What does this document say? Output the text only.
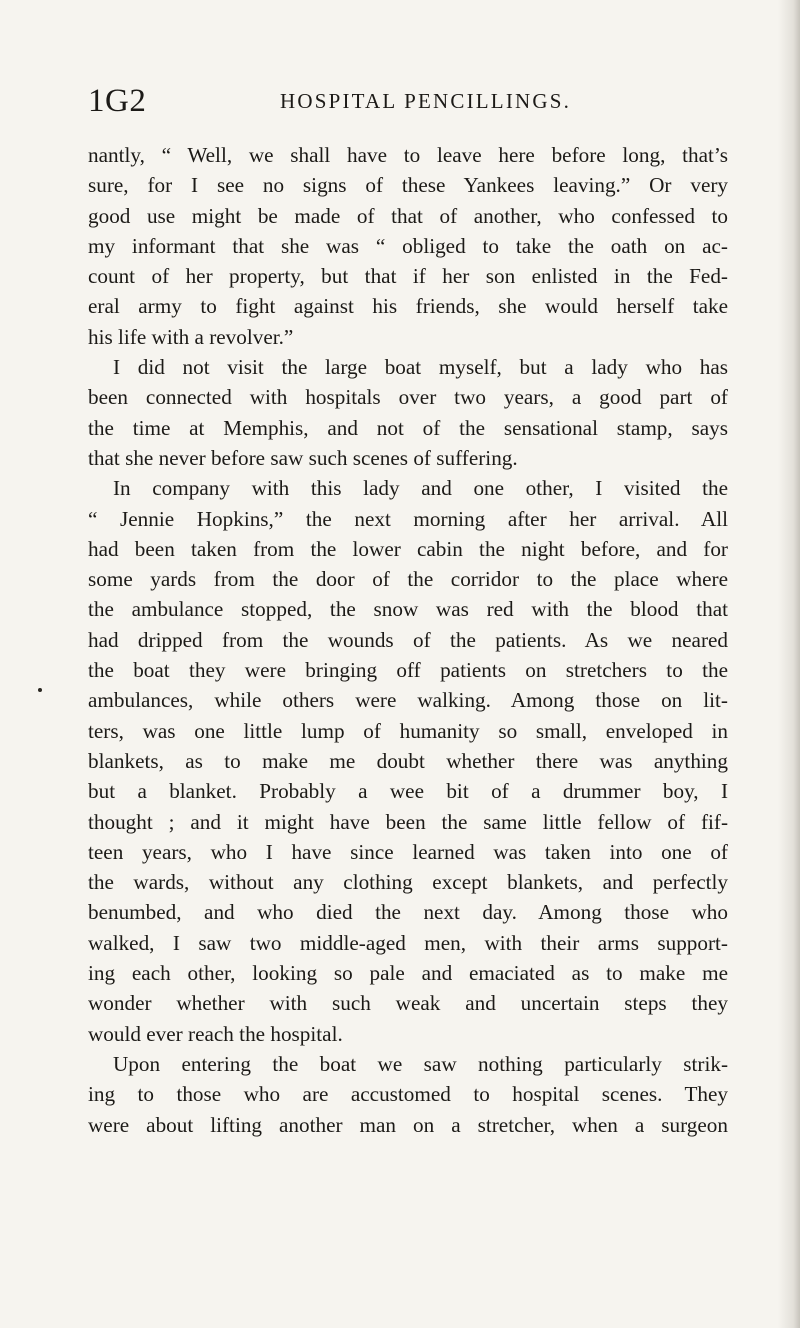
1G2	HOSPITAL PENCILLINGS.
nantly, “ Well, we shall have to leave here before long, that’s
sure, for I see no signs of these Yankees leaving.” Or very
good use might be made of that of another, who confessed to
my informant that she was “ obliged to take the oath on ac-
count of her property, but that if her son enlisted in the Fed-
eral army to fight against his friends, she would herself take
his life with a revolver.”
I did not visit the large boat myself, but a lady who has
been connected with hospitals over two years, a good part of
the time at Memphis, and not of the sensational stamp, says
that she never before saw such scenes of suffering.
In company with this lady and one other, I visited the
“ Jennie Hopkins,” the next morning after her arrival. All
had been taken from the lower cabin the night before, and for
some yards from the door of the corridor to the place where
the ambulance stopped, the snow was red with the blood that
had dripped from the wounds of the patients. As we neared
the boat they were bringing off patients on stretchers to the
ambulances, while others were walking. Among those on lit-
ters, was one little lump of humanity so small, enveloped in
blankets, as to make me doubt whether there was anything
but a blanket. Probably a wee bit of a drummer boy, I
thought ; and it might have been the same little fellow of fif-
teen years, who I have since learned was taken into one of
the wards, without any clothing except blankets, and perfectly
benumbed, and who died the next day. Among those who
walked, I saw two middle-aged men, with their arms support-
ing each other, looking so pale and emaciated as to make me
wonder whether with such weak and uncertain steps they
would ever reach the hospital.
Upon entering the boat we saw nothing particularly strik-
ing to those who are accustomed to hospital scenes. They
were about lifting another man on a stretcher, when a surgeon
